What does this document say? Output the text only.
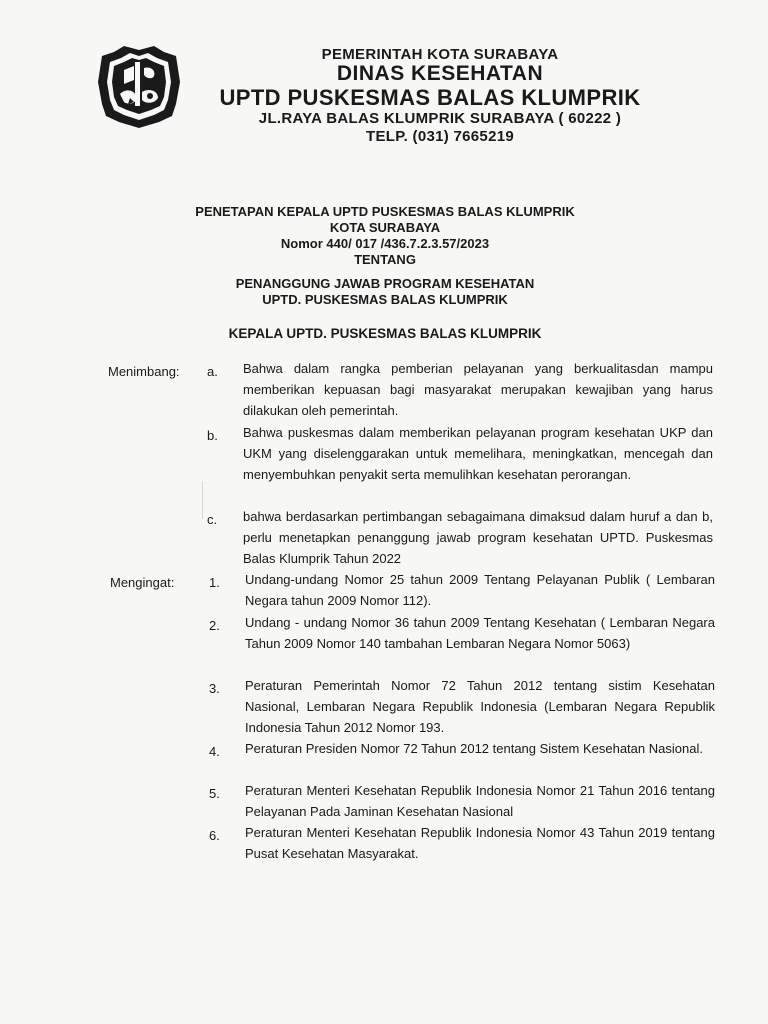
PEMERINTAH KOTA SURABAYA
DINAS KESEHATAN
UPTD PUSKESMAS BALAS KLUMPRIK
JL.RAYA BALAS KLUMPRIK SURABAYA ( 60222 )
TELP. (031) 7665219
PENETAPAN KEPALA UPTD PUSKESMAS BALAS KLUMPRIK
KOTA SURABAYA
Nomor 440/ 017 /436.7.2.3.57/2023
TENTANG
PENANGGUNG JAWAB PROGRAM KESEHATAN
UPTD. PUSKESMAS BALAS KLUMPRIK
KEPALA UPTD. PUSKESMAS BALAS KLUMPRIK
Menimbang: a. Bahwa dalam rangka pemberian pelayanan yang berkualitasdan mampu memberikan kepuasan bagi masyarakat merupakan kewajiban yang harus dilakukan oleh pemerintah.
b. Bahwa puskesmas dalam memberikan pelayanan program kesehatan UKP dan UKM yang diselenggarakan untuk memelihara, meningkatkan, mencegah dan menyembuhkan penyakit serta memulihkan kesehatan perorangan.
c. bahwa berdasarkan pertimbangan sebagaimana dimaksud dalam huruf a dan b, perlu menetapkan penanggung jawab program kesehatan UPTD. Puskesmas Balas Klumprik Tahun 2022
Mengingat:	1. Undang-undang Nomor 25 tahun 2009 Tentang Pelayanan Publik ( Lembaran Negara tahun 2009 Nomor 112).
2. Undang - undang Nomor 36 tahun 2009 Tentang Kesehatan ( Lembaran Negara Tahun 2009 Nomor 140 tambahan Lembaran Negara Nomor 5063)
3. Peraturan Pemerintah Nomor 72 Tahun 2012 tentang sistim Kesehatan          Nasional, Lembaran Negara Republik Indonesia (Lembaran Negara Republik Indonesia Tahun 2012 Nomor 193.
4. Peraturan Presiden Nomor 72 Tahun 2012 tentang Sistem Kesehatan Nasional.
5. Peraturan Menteri Kesehatan Republik Indonesia Nomor 21 Tahun 2016 tentang Pelayanan Pada Jaminan Kesehatan Nasional
6. Peraturan Menteri Kesehatan Republik Indonesia Nomor 43 Tahun 2019 tentang Pusat Kesehatan Masyarakat.
